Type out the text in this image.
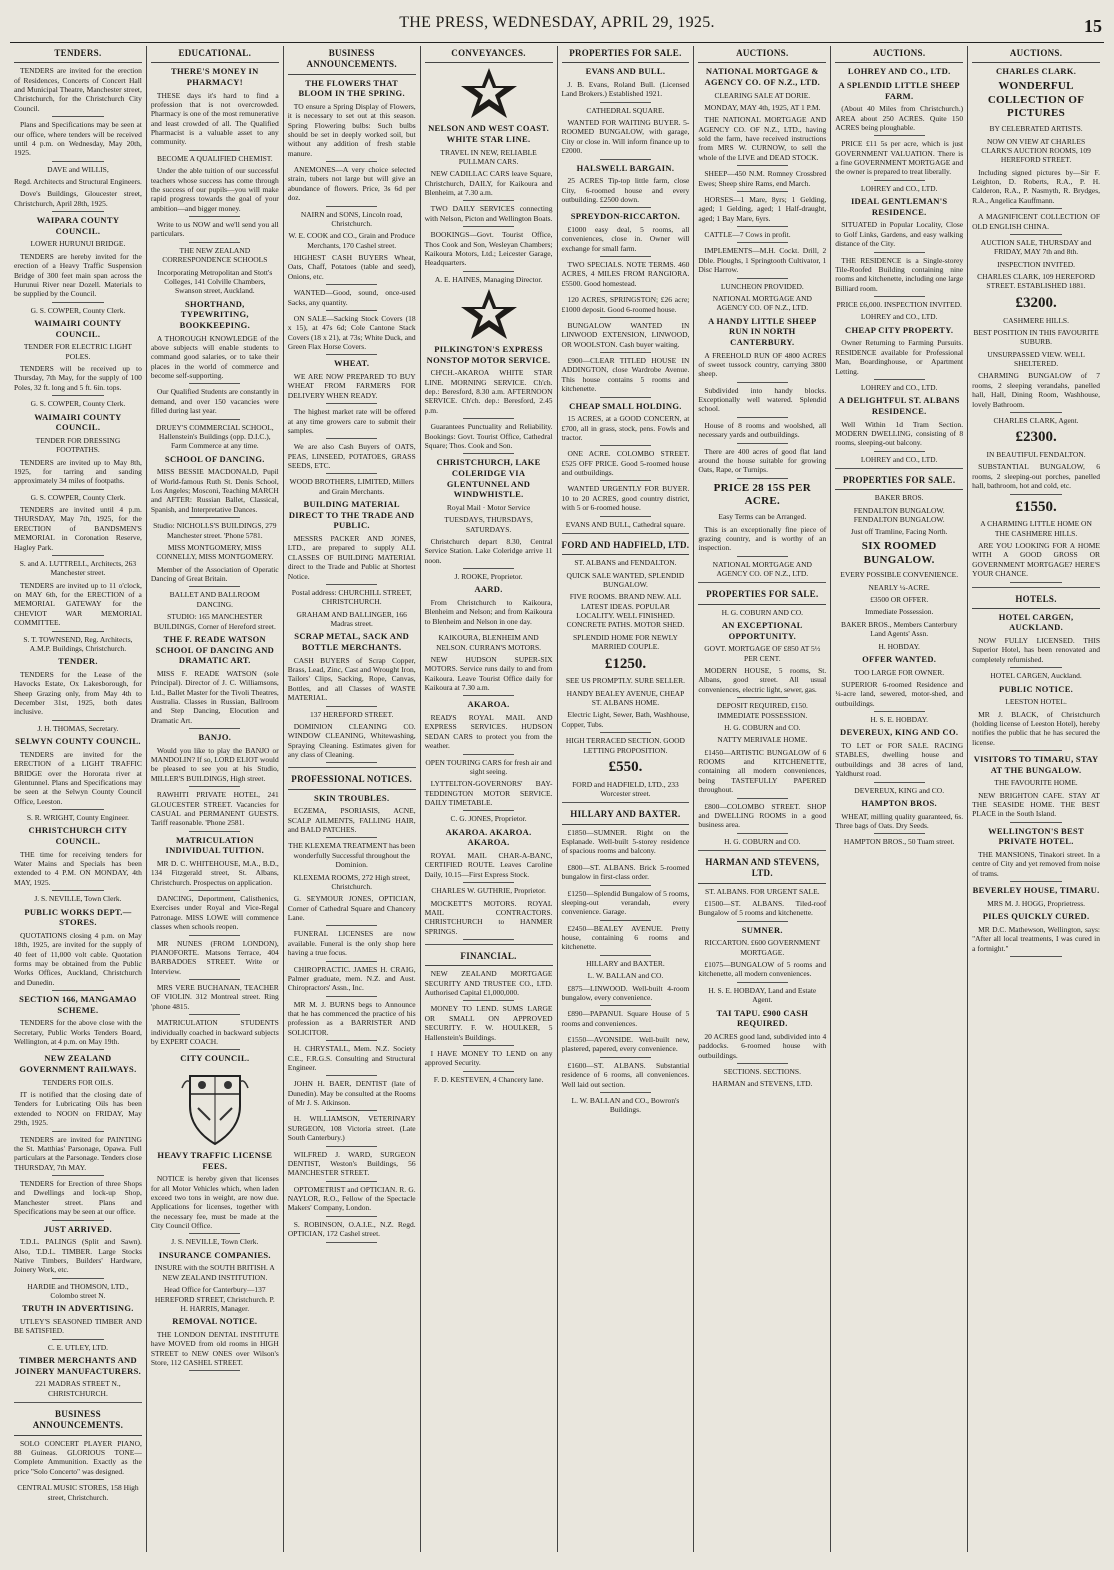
THE PRESS, WEDNESDAY, APRIL 29, 1925.	15
TENDERS.

TENDERS are invited for the erection of Residences, Concerts of Concert Hall and Municipal Theatre, Manchester street, Christchurch, for the Christchurch City Council.

Plans and Specifications may be seen at our office, where tenders will be received until 4 p.m. on Wednesday, May 20th, 1925.

DAVE and WILLIS,

Regd. Architects and Structural Engineers.

Dove's Buildings, Gloucester street, Christchurch, April 28th, 1925.

WAIPARA COUNTY COUNCIL.

LOWER HURUNUI BRIDGE.

TENDERS are hereby invited for the erection of a Heavy Traffic Suspension Bridge of 300 feet main span across the Hurunui River near Dozell. Materials to be supplied by the Council.

G. S. COWPER, County Clerk.

WAIMAIRI COUNTY COUNCIL.

TENDER FOR ELECTRIC LIGHT POLES.

TENDERS will be received up to Thursday, 7th May, for the supply of 100 Poles, 32 ft. long and 5 ft. 6in. tops.

G. S. COWPER, County Clerk.

WAIMAIRI COUNTY COUNCIL.

TENDER FOR DRESSING FOOTPATHS.

TENDERS are invited up to May 8th, 1925, for tarring and sanding approximately 34 miles of footpaths.

G. S. COWPER, County Clerk.

TENDERS are invited until 4 p.m. THURSDAY, May 7th, 1925, for the ERECTION of BANDSMEN'S MEMORIAL in Coronation Reserve, Hagley Park.

S. and A. LUTTRELL, Architects, 263 Manchester street.

TENDERS are invited up to 11 o'clock, on MAY 6th, for the ERECTION of a MEMORIAL GATEWAY for the CHEVIOT WAR MEMORIAL COMMITTEE.

S. T. TOWNSEND, Reg. Architects, A.M.P. Buildings, Christchurch.

TENDER.

TENDERS for the Lease of the Havocks Estate, Ox Lakesborough, for Sheep Grazing only, from May 4th to December 31st, 1925, both dates inclusive.

J. H. THOMAS, Secretary.

SELWYN COUNTY COUNCIL.

TENDERS are invited for the ERECTION of a LIGHT TRAFFIC BRIDGE over the Hororata river at Glentunnel. Plans and Specifications may be seen at the Selwyn County Council Office, Leeston.

S. R. WRIGHT, County Engineer.

CHRISTCHURCH CITY COUNCIL.

THE time for receiving tenders for Water Mains and Specials has been extended to 4 P.M. ON MONDAY, 4th MAY, 1925.

J. S. NEVILLE, Town Clerk.

PUBLIC WORKS DEPT.—STORES.

QUOTATIONS closing 4 p.m. on May 18th, 1925, are invited for the supply of 40 feet of 11,000 volt cable. Quotation forms may be obtained from the Public Works Offices, Auckland, Christchurch and Dunedin.

SECTION 166, MANGAMAO SCHEME.

TENDERS for the above close with the Secretary, Public Works Tenders Board, Wellington, at 4 p.m. on May 19th.

NEW ZEALAND GOVERNMENT RAILWAYS.

TENDERS FOR OILS.

IT is notified that the closing date of Tenders for Lubricating Oils has been extended to NOON on FRIDAY, May 29th, 1925.

TENDERS are invited for PAINTING the St. Matthias' Parsonage, Opawa. Full particulars at the Parsonage. Tenders close THURSDAY, 7th MAY.

TENDERS for Erection of three Shops and Dwellings and lock-up Shop, Manchester street. Plans and Specifications may be seen at our office.

JUST ARRIVED.

T.D.L. PALINGS (Split and Sawn). Also, T.D.L. TIMBER. Large Stocks Native Timbers, Builders' Hardware, Joinery Work, etc.

HARDIE and THOMSON, LTD., Colombo street N.

TRUTH IN ADVERTISING.

UTLEY'S SEASONED TIMBER AND BE SATISFIED.

C. E. UTLEY, LTD.

TIMBER MERCHANTS AND JOINERY MANUFACTURERS.

221 MADRAS STREET N., CHRISTCHURCH.

BUSINESS ANNOUNCEMENTS.

SOLO CONCERT PLAYER PIANO, 88 Guineas. GLORIOUS TONE—Complete Ammunition. Exactly as the price "Solo Concerto" was designed.

CENTRAL MUSIC STORES, 158 High street, Christchurch.

EDUCATIONAL.
THERE'S MONEY IN PHARMACY!

THESE days it's hard to find a profession that is not overcrowded. Pharmacy is one of the most remunerative and least crowded of all. The Qualified Pharmacist is a valuable asset to any community.

BECOME A QUALIFIED CHEMIST.

Under the able tuition of our successful teachers whose success has come through the success of our pupils—you will make rapid progress towards the goal of your ambition—and bigger money.

Write to us NOW and we'll send you all particulars.

THE NEW ZEALAND CORRESPONDENCE SCHOOLS

Incorporating Metropolitan and Stott's Colleges, 141 Colville Chambers, Swanson street, Auckland.

SHORTHAND, TYPEWRITING, BOOKKEEPING.

A THOROUGH KNOWLEDGE of the above subjects will enable students to command good salaries, or to take their places in the world of commerce and become self-supporting.

Our Qualified Students are constantly in demand, and over 150 vacancies were filled during last year.

DRUEY'S COMMERCIAL SCHOOL, Hallenstein's Buildings (opp. D.I.C.), Farm Commerce at any time.

SCHOOL OF DANCING.

MISS BESSIE MACDONALD, Pupil of World-famous Ruth St. Denis School, Los Angeles; Mosconi, Teaching MARCH and AFTER: Russian Ballet, Classical, Spanish, and Interpretative Dances.

Studio: NICHOLLS'S BUILDINGS, 279 Manchester street. 'Phone 5781.

MISS MONTGOMERY, MISS CONNELLY, MISS MONTGOMERY.

Member of the Association of Operatic Dancing of Great Britain.

BALLET AND BALLROOM DANCING.

STUDIO: 165 MANCHESTER BUILDINGS, Corner of Hereford street.

THE F. READE WATSON SCHOOL OF DANCING AND DRAMATIC ART.

MISS F. READE WATSON (sole Principal). Director of J. C. Williamsons, Ltd., Ballet Master for the Tivoli Theatres, Australia. Classes in Russian, Ballroom and Step Dancing, Elocution and Dramatic Art.

BANJO.

Would you like to play the BANJO or MANDOLIN? If so, LORD ELIOT would be pleased to see you at his Studio, MILLER'S BUILDINGS, High street.

RAWHITI PRIVATE HOTEL, 241 GLOUCESTER STREET. Vacancies for CASUAL and PERMANENT GUESTS. Tariff reasonable. 'Phone 2581.

MATRICULATION INDIVIDUAL TUITION.

MR D. C. WHITEHOUSE, M.A., B.D., 134 Fitzgerald street, St. Albans, Christchurch. Prospectus on application.

DANCING, Deportment, Calisthenics, Exercises under Royal and Vice-Regal Patronage. MISS LOWE will commence classes when schools reopen.

MR NUNES (FROM LONDON), PIANOFORTE. Matsons Terrace, 404 BARBADOES STREET. Write or Interview.

MRS VERE BUCHANAN, TEACHER OF VIOLIN. 312 Montreal street. Ring 'phone 4815.

MATRICULATION STUDENTS individually coached in backward subjects by EXPERT COACH.

CITY COUNCIL.
HEAVY TRAFFIC LICENSE FEES.

NOTICE is hereby given that licenses for all Motor Vehicles which, when laden exceed two tons in weight, are now due. Applications for licenses, together with the necessary fee, must be made at the City Council Office.

J. S. NEVILLE, Town Clerk.

INSURANCE COMPANIES.

INSURE with the SOUTH BRITISH. A NEW ZEALAND INSTITUTION.

Head Office for Canterbury—137 HEREFORD STREET, Christchurch. P. H. HARRIS, Manager.

REMOVAL NOTICE.

THE LONDON DENTAL INSTITUTE have MOVED from old rooms in HIGH STREET to NEW ONES over Wilson's Store, 112 CASHEL STREET.

BUSINESS ANNOUNCEMENTS.
THE FLOWERS THAT BLOOM IN THE SPRING.

TO ensure a Spring Display of Flowers, it is necessary to set out at this season. Spring Flowering bulbs: Such bulbs should be set in deeply worked soil, but without any addition of fresh stable manure.

ANEMONES—A very choice selected strain, tubers not large but will give an abundance of flowers. Price, 3s 6d per doz.

NAIRN and SONS, Lincoln road, Christchurch.

W. E. COOK and CO., Grain and Produce Merchants, 170 Cashel street.

HIGHEST CASH BUYERS Wheat, Oats, Chaff, Potatoes (table and seed), Onions, etc.

WANTED—Good, sound, once-used Sacks, any quantity.

ON SALE—Sacking Stock Covers (18 x 15), at 47s 6d; Cole Cantone Stack Covers (18 x 21), at 73s; White Duck, and Green Flax Horse Covers.

WHEAT.

WE ARE NOW PREPARED TO BUY WHEAT FROM FARMERS FOR DELIVERY WHEN READY.

The highest market rate will be offered at any time growers care to submit their samples.

We are also Cash Buyers of OATS, PEAS, LINSEED, POTATOES, GRASS SEEDS, ETC.

WOOD BROTHERS, LIMITED, Millers and Grain Merchants.

BUILDING MATERIAL DIRECT TO THE TRADE AND PUBLIC.

MESSRS PACKER AND JONES, LTD., are prepared to supply ALL CLASSES OF BUILDING MATERIAL direct to the Trade and Public at Shortest Notice.

Postal address: CHURCHILL STREET, CHRISTCHURCH.

GRAHAM AND BALLINGER, 166 Madras street.

SCRAP METAL, SACK AND BOTTLE MERCHANTS.

CASH BUYERS of Scrap Copper, Brass, Lead, Zinc, Cast and Wrought Iron, Tailors' Clips, Sacking, Rope, Canvas, Bottles, and all Classes of WASTE MATERIAL.

137 HEREFORD STREET.

DOMINION CLEANING CO. WINDOW CLEANING, Whitewashing, Spraying Cleaning. Estimates given for any class of Cleaning.

PROFESSIONAL NOTICES.
SKIN TROUBLES.

ECZEMA, PSORIASIS, ACNE, SCALP AILMENTS, FALLING HAIR, and BALD PATCHES.

THE KLEXEMA TREATMENT has been wonderfully Successful throughout the Dominion.

KLEXEMA ROOMS, 272 High street, Christchurch.

G. SEYMOUR JONES, OPTICIAN, Corner of Cathedral Square and Chancery Lane.

FUNERAL LICENSES are now available. Funeral is the only shop here having a true focus.

CHIROPRACTIC. JAMES H. CRAIG, Palmer graduate, mem. N.Z. and Aust. Chiropractors' Assn., Inc.

MR M. J. BURNS begs to Announce that he has commenced the practice of his profession as a BARRISTER AND SOLICITOR.

H. CHRYSTALL, Mem. N.Z. Society C.E., F.R.G.S. Consulting and Structural Engineer.

JOHN H. BAER, DENTIST (late of Dunedin). May be consulted at the Rooms of Mr J. S. Atkinson.

H. WILLIAMSON, VETERINARY SURGEON, 108 Victoria street. (Late South Canterbury.)

WILFRED J. WARD, SURGEON DENTIST, Weston's Buildings, 56 MANCHESTER STREET.

OPTOMETRIST and OPTICIAN. R. G. NAYLOR, R.O., Fellow of the Spectacle Makers' Company, London.

S. ROBINSON, O.A.I.E., N.Z. Regd. OPTICIAN, 172 Cashel street.

CONVEYANCES.
NELSON AND WEST COAST. WHITE STAR LINE.

TRAVEL IN NEW, RELIABLE PULLMAN CARS.

NEW CADILLAC CARS leave Square, Christchurch, DAILY, for Kaikoura and Blenheim, at 7.30 a.m.

TWO DAILY SERVICES connecting with Nelson, Picton and Wellington Boats.

BOOKINGS—Govt. Tourist Office, Thos Cook and Son, Wesleyan Chambers; Kaikoura Motors, Ltd.; Leicester Garage, Headquarters.

A. E. HAINES, Managing Director.

PILKINGTON'S EXPRESS NONSTOP MOTOR SERVICE.

CH'CH.-AKAROA WHITE STAR LINE. MORNING SERVICE. Ch'ch. dep.: Beresford, 8.30 a.m. AFTERNOON SERVICE. Ch'ch. dep.: Beresford, 2.45 p.m.

Guarantees Punctuality and Reliability. Bookings: Govt. Tourist Office, Cathedral Square; Thos. Cook and Son.

CHRISTCHURCH, LAKE COLERIDGE VIA GLENTUNNEL AND WINDWHISTLE.

Royal Mail · Motor Service

TUESDAYS, THURSDAYS, SATURDAYS.

Christchurch depart 8.30, Central Service Station. Lake Coleridge arrive 11 noon.

J. ROOKE, Proprietor.

AARD.

From Christchurch to Kaikoura, Blenheim and Nelson; and from Kaikoura to Blenheim and Nelson in one day.

KAIKOURA, BLENHEIM AND NELSON. CURRAN'S MOTORS.

NEW HUDSON SUPER-SIX MOTORS. Service runs daily to and from Kaikoura. Leave Tourist Office daily for Kaikoura at 7.30 a.m.

AKAROA.

READ'S ROYAL MAIL AND EXPRESS SERVICES. HUDSON SEDAN CARS to protect you from the weather.

OPEN TOURING CARS for fresh air and sight seeing.

LYTTELTON-GOVERNORS' BAY-TEDDINGTON MOTOR SERVICE. DAILY TIMETABLE.

C. G. JONES, Proprietor.

AKAROA. AKAROA. AKAROA.

ROYAL MAIL CHAR-A-BANC, CERTIFIED ROUTE. Leaves Caroline Daily, 10.15—First Express Stock.

CHARLES W. GUTHRIE, Proprietor.

MOCKETT'S MOTORS. ROYAL MAIL CONTRACTORS. CHRISTCHURCH to HANMER SPRINGS.

FINANCIAL.

NEW ZEALAND MORTGAGE SECURITY AND TRUSTEE CO., LTD. Authorised Capital £1,000,000.

MONEY TO LEND. SUMS LARGE OR SMALL ON APPROVED SECURITY. F. W. HOULKER, 5 Hallenstein's Buildings.

I HAVE MONEY TO LEND on any approved Security.

F. D. KESTEVEN, 4 Chancery lane.

PROPERTIES FOR SALE.
EVANS AND BULL.

J. B. Evans, Roland Bull. (Licensed Land Brokers.) Established 1921.

CATHEDRAL SQUARE.

WANTED FOR WAITING BUYER. 5-ROOMED BUNGALOW, with garage, City or close in. Will inform finance up to £2000.

HALSWELL BARGAIN.

25 ACRES Tip-top little farm, close City, 6-roomed house and every outbuilding. £2500 down.

SPREYDON-RICCARTON.

£1000 easy deal, 5 rooms, all conveniences, close in. Owner will exchange for small farm.

TWO SPECIALS. NOTE TERMS. 460 ACRES, 4 MILES FROM RANGIORA. £5500. Good homestead.

120 ACRES, SPRINGSTON; £26 acre; £1000 deposit. Good 6-roomed house.

BUNGALOW WANTED IN LINWOOD EXTENSION, LINWOOD, OR WOOLSTON. Cash buyer waiting.

£900—CLEAR TITLED HOUSE IN ADDINGTON, close Wardrobe Avenue. This house contains 5 rooms and kitchenette.

CHEAP SMALL HOLDING.

15 ACRES, at a GOOD CONCERN, at £700, all in grass, stock, pens. Fowls and tractor.

ONE ACRE. COLOMBO STREET. £525 OFF PRICE. Good 5-roomed house and outbuildings.

WANTED URGENTLY FOR BUYER. 10 to 20 ACRES, good country district, with 5 or 6-roomed house.

EVANS AND BULL, Cathedral square.

FORD AND HADFIELD, LTD.

ST. ALBANS and FENDALTON.

QUICK SALE WANTED, SPLENDID BUNGALOW.

FIVE ROOMS. BRAND NEW. ALL LATEST IDEAS. POPULAR LOCALITY. WELL FINISHED. CONCRETE PATHS. MOTOR SHED.

SPLENDID HOME FOR NEWLY MARRIED COUPLE.

£1250.

SEE US PROMPTLY. SURE SELLER.

HANDY BEALEY AVENUE, CHEAP ST. ALBANS HOME.

Electric Light, Sewer, Bath, Washhouse, Copper, Tubs.

HIGH TERRACED SECTION. GOOD LETTING PROPOSITION.

£550.

FORD and HADFIELD, LTD., 233 Worcester street.

HILLARY AND BAXTER.

£1850—SUMNER. Right on the Esplanade. Well-built 5-storey residence of spacious rooms and balcony.

£800—ST. ALBANS. Brick 5-roomed bungalow in first-class order.

£1250—Splendid Bungalow of 5 rooms, sleeping-out verandah, every convenience. Garage.

£2450—BEALEY AVENUE. Pretty house, containing 6 rooms and kitchenette.

HILLARY and BAXTER.

L. W. BALLAN and CO.

£875—LINWOOD. Well-built 4-room bungalow, every convenience.

£890—PAPANUI. Square House of 5 rooms and conveniences.

£1550—AVONSIDE. Well-built new, plastered, papered, every convenience.

£1600—ST. ALBANS. Substantial residence of 6 rooms, all conveniences. Well laid out section.

L. W. BALLAN and CO., Bowron's Buildings.

AUCTIONS.
NATIONAL MORTGAGE & AGENCY CO. OF N.Z., LTD.

CLEARING SALE AT DORIE.

MONDAY, MAY 4th, 1925, AT 1 P.M.

THE NATIONAL MORTGAGE AND AGENCY CO. OF N.Z., LTD., having sold the farm, have received instructions from MRS W. CURNOW, to sell the whole of the LIVE and DEAD STOCK.

SHEEP—450 N.M. Romney Crossbred Ewes; Sheep shire Rams, end March.

HORSES—1 Mare, 8yrs; 1 Gelding, aged; 1 Gelding, aged; 1 Half-draught, aged; 1 Bay Mare, 6yrs.

CATTLE—7 Cows in profit.

IMPLEMENTS—M.H. Cockt. Drill, 2 Dble. Ploughs, 1 Springtooth Cultivator, 1 Disc Harrow.

LUNCHEON PROVIDED.

NATIONAL MORTGAGE AND AGENCY CO. OF N.Z., LTD.

A HANDY LITTLE SHEEP RUN IN NORTH CANTERBURY.

A FREEHOLD RUN OF 4800 ACRES of sweet tussock country, carrying 3800 sheep.

Subdivided into handy blocks. Exceptionally well watered. Splendid school.

House of 8 rooms and woolshed, all necessary yards and outbuildings.

There are 400 acres of good flat land around the house suitable for growing Oats, Rape, or Turnips.

PRICE 28 15S PER ACRE.

Easy Terms can be Arranged.

This is an exceptionally fine piece of grazing country, and is worthy of an inspection.

NATIONAL MORTGAGE AND AGENCY CO. OF N.Z., LTD.

PROPERTIES FOR SALE.

H. G. COBURN AND CO.

AN EXCEPTIONAL OPPORTUNITY.

GOVT. MORTGAGE OF £850 AT 5½ PER CENT.

MODERN HOUSE, 5 rooms, St. Albans, good street. All usual conveniences, electric light, sewer, gas.

DEPOSIT REQUIRED, £150. IMMEDIATE POSSESSION.

H. G. COBURN and CO.

NATTY MERIVALE HOME.

£1450—ARTISTIC BUNGALOW of 6 ROOMS and KITCHENETTE, containing all modern conveniences, being TASTEFULLY PAPERED throughout.

£800—COLOMBO STREET. SHOP and DWELLING ROOMS in a good business area.

H. G. COBURN and CO.

HARMAN AND STEVENS, LTD.

ST. ALBANS. FOR URGENT SALE.

£1500—ST. ALBANS. Tiled-roof Bungalow of 5 rooms and kitchenette.

SUMNER.

RICCARTON. £600 GOVERNMENT MORTGAGE.

£1075—BUNGALOW of 5 rooms and kitchenette, all modern conveniences.

H. S. E. HOBDAY, Land and Estate Agent.

TAI TAPU. £900 CASH REQUIRED.

20 ACRES good land, subdivided into 4 paddocks. 6-roomed house with outbuildings.

SECTIONS. SECTIONS.

HARMAN and STEVENS, LTD.

AUCTIONS.
LOHREY AND CO., LTD.
A SPLENDID LITTLE SHEEP FARM.

(About 40 Miles from Christchurch.) AREA about 250 ACRES. Quite 150 ACRES being ploughable.

PRICE £11 5s per acre, which is just GOVERNMENT VALUATION. There is a fine GOVERNMENT MORTGAGE and the owner is prepared to treat liberally.

LOHREY and CO., LTD.

IDEAL GENTLEMAN'S RESIDENCE.

SITUATED in Popular Locality, Close to Golf Links, Gardens, and easy walking distance of the City.

THE RESIDENCE is a Single-storey Tile-Roofed Building containing nine rooms and kitchenette, including one large Billiard room.

PRICE £6,000. INSPECTION INVITED.

LOHREY and CO., LTD.

CHEAP CITY PROPERTY.

Owner Returning to Farming Pursuits. RESIDENCE available for Professional Man, Boardinghouse, or Apartment Letting.

LOHREY and CO., LTD.

A DELIGHTFUL ST. ALBANS RESIDENCE.

Well Within 1d Tram Section. MODERN DWELLING, consisting of 8 rooms, sleeping-out balcony.

LOHREY and CO., LTD.

PROPERTIES FOR SALE.

BAKER BROS.

FENDALTON BUNGALOW. FENDALTON BUNGALOW.

Just off Tramline, Facing North.

SIX ROOMED BUNGALOW.

EVERY POSSIBLE CONVENIENCE.

NEARLY ¼-ACRE.

£3500 OR OFFER.

Immediate Possession.

BAKER BROS., Members Canterbury Land Agents' Assn.

H. HOBDAY.

OFFER WANTED.

TOO LARGE FOR OWNER.

SUPERIOR 6-roomed Residence and ¼-acre land, sewered, motor-shed, and outbuildings.

H. S. E. HOBDAY.

DEVEREUX, KING AND CO.

TO LET or FOR SALE. RACING STABLES, dwelling house and outbuildings and 38 acres of land, Yaldhurst road.

DEVEREUX, KING and CO.

HAMPTON BROS.

WHEAT, milling quality guaranteed, 6s. Three bags of Oats. Dry Seeds.

HAMPTON BROS., 50 Tuam street.

AUCTIONS.
CHARLES CLARK.
WONDERFUL COLLECTION OF PICTURES

BY CELEBRATED ARTISTS.

NOW ON VIEW AT CHARLES CLARK'S AUCTION ROOMS, 109 HEREFORD STREET.

Including signed pictures by—Sir F. Leighton, D. Roberts, R.A., P. H. Calderon, R.A., P. Nasmyth, R. Brydges, R.A., Angelica Kauffmann.

A MAGNIFICENT COLLECTION OF OLD ENGLISH CHINA.

AUCTION SALE, THURSDAY and FRIDAY, MAY 7th and 8th.

INSPECTION INVITED.

CHARLES CLARK, 109 HEREFORD STREET. ESTABLISHED 1881.

£3200.

CASHMERE HILLS.

BEST POSITION IN THIS FAVOURITE SUBURB.

UNSURPASSED VIEW. WELL SHELTERED.

CHARMING BUNGALOW of 7 rooms, 2 sleeping verandahs, panelled hall, Hall, Dining Room, Washhouse, lovely Bathroom.

CHARLES CLARK, Agent.

£2300.

IN BEAUTIFUL FENDALTON.

SUBSTANTIAL BUNGALOW, 6 rooms, 2 sleeping-out porches, panelled hall, bathroom, hot and cold, etc.

£1550.

A CHARMING LITTLE HOME ON THE CASHMERE HILLS.

ARE YOU LOOKING FOR A HOME WITH A GOOD GROSS OR GOVERNMENT MORTGAGE? HERE'S YOUR CHANCE.

HOTELS.
HOTEL CARGEN, AUCKLAND.

NOW FULLY LICENSED. THIS Superior Hotel, has been renovated and completely refurnished.

HOTEL CARGEN, Auckland.

PUBLIC NOTICE.

LEESTON HOTEL.

MR J. BLACK, of Christchurch (holding license of Leeston Hotel), hereby notifies the public that he has secured the license.

VISITORS TO TIMARU, STAY AT THE BUNGALOW.

THE FAVOURITE HOME.

NEW BRIGHTON CAFE. STAY AT THE SEASIDE HOME. THE BEST PLACE in the South Island.

WELLINGTON'S BEST PRIVATE HOTEL.

THE MANSIONS, Tinakori street. In a centre of City and yet removed from noise of trams.

BEVERLEY HOUSE, TIMARU.

MRS M. J. HOGG, Proprietress.

PILES QUICKLY CURED.

MR D.C. Mathewson, Wellington, says: "After all local treatments, I was cured in a fortnight."
